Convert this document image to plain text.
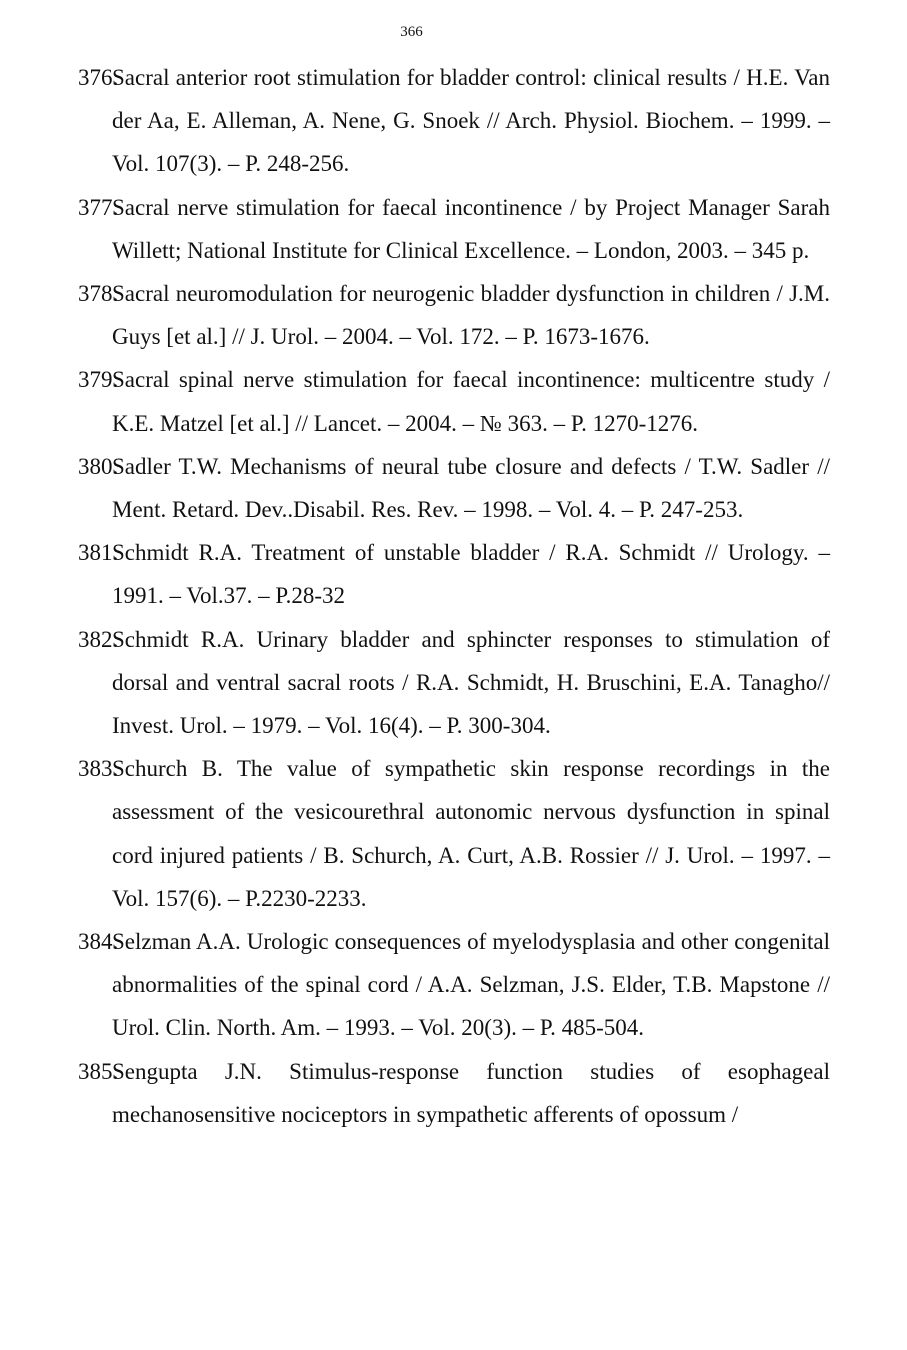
366
376.
Sacral anterior root stimulation for bladder control: clinical results / H.E. Van der Aa, E. Alleman, A. Nene, G. Snoek // Arch. Physiol. Biochem. – 1999. – Vol. 107(3). – P. 248-256.
377.
Sacral nerve stimulation for faecal incontinence / by Project Manager Sarah Willett; National Institute for Clinical Excellence. – London, 2003. – 345 p.
378.
Sacral neuromodulation for neurogenic bladder dysfunction in children / J.M. Guys [et al.] // J. Urol. – 2004. – Vol. 172. – P. 1673-1676.
379.
Sacral spinal nerve stimulation for faecal incontinence: multicentre study / K.E. Matzel [et al.] // Lancet. – 2004. – № 363. – P. 1270-1276.
380.
Sadler T.W. Mechanisms of neural tube closure and defects / T.W. Sadler // Ment. Retard. Dev..Disabil. Res. Rev. – 1998. – Vol. 4. – P. 247-253.
381.
Schmidt R.A. Treatment of unstable bladder / R.A. Schmidt // Urology. – 1991. – Vol.37. – P.28-32
382.
Schmidt R.A. Urinary bladder and sphincter responses to stimulation of dorsal and ventral sacral roots / R.A. Schmidt, H. Bruschini, E.A. Tanagho// Invest. Urol. – 1979. – Vol. 16(4). – P. 300-304.
383.
Schurch B. The value of sympathetic skin response recordings in the assessment of the vesicourethral autonomic nervous dysfunction in spinal cord injured patients / B. Schurch, A. Curt, A.B. Rossier // J. Urol. – 1997. – Vol. 157(6). – P.2230-2233.
384.
Selzman A.A. Urologic consequences of myelodysplasia and other congenital abnormalities of the spinal cord / A.A. Selzman, J.S. Elder, T.B. Mapstone // Urol. Clin. North. Am. – 1993. – Vol. 20(3). – P. 485-504.
385.
Sengupta J.N. Stimulus-response function studies of esophageal mechanosensitive nociceptors in sympathetic afferents of opossum /
